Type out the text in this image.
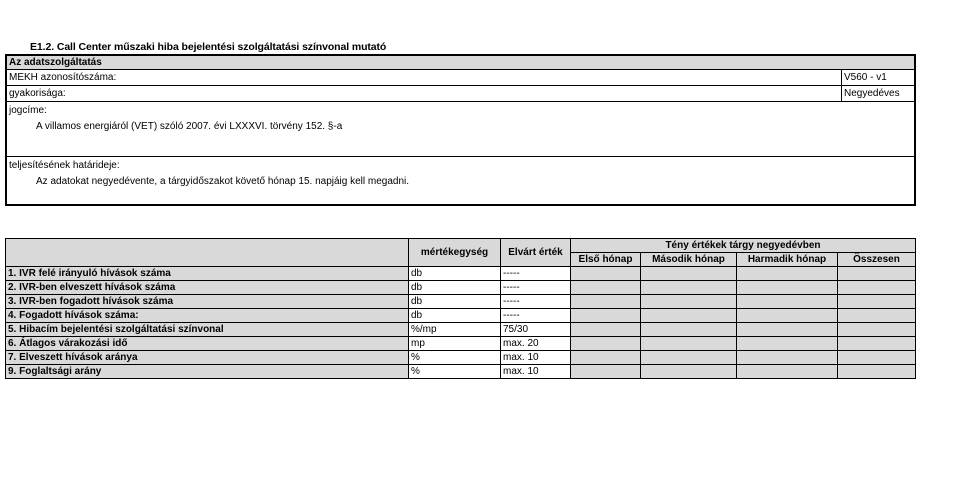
E1.2. Call Center műszaki hiba bejelentési szolgáltatási színvonal mutató
Az adatszolgáltatás
MEKH azonosítószáma:	V560 - v1
gyakorisága:	Negyedéves
jogcíme:
A villamos energiáról (VET) szóló 2007. évi LXXXVI. törvény 152. §-a
teljesítésének határideje:
Az adatokat negyedévente, a tárgyidőszakot követő hónap 15. napjáig kell megadni.
	mértékegység	Elvárt érték	Tény értékek tárgy negyedévben			
			Első hónap	Második hónap	Harmadik hónap	Összesen
1. IVR felé irányuló hívások száma	db	-----				
2. IVR-ben elveszett hívások száma	db	-----				
3. IVR-ben fogadott hívások száma	db	-----				
4. Fogadott hívások száma:	db	-----				
5. Hibacím bejelentési szolgáltatási színvonal	%/mp	75/30				
6. Átlagos várakozási idő	mp	max. 20				
7. Elveszett hívások aránya	%	max. 10				
9. Foglaltsági arány	%	max. 10				
